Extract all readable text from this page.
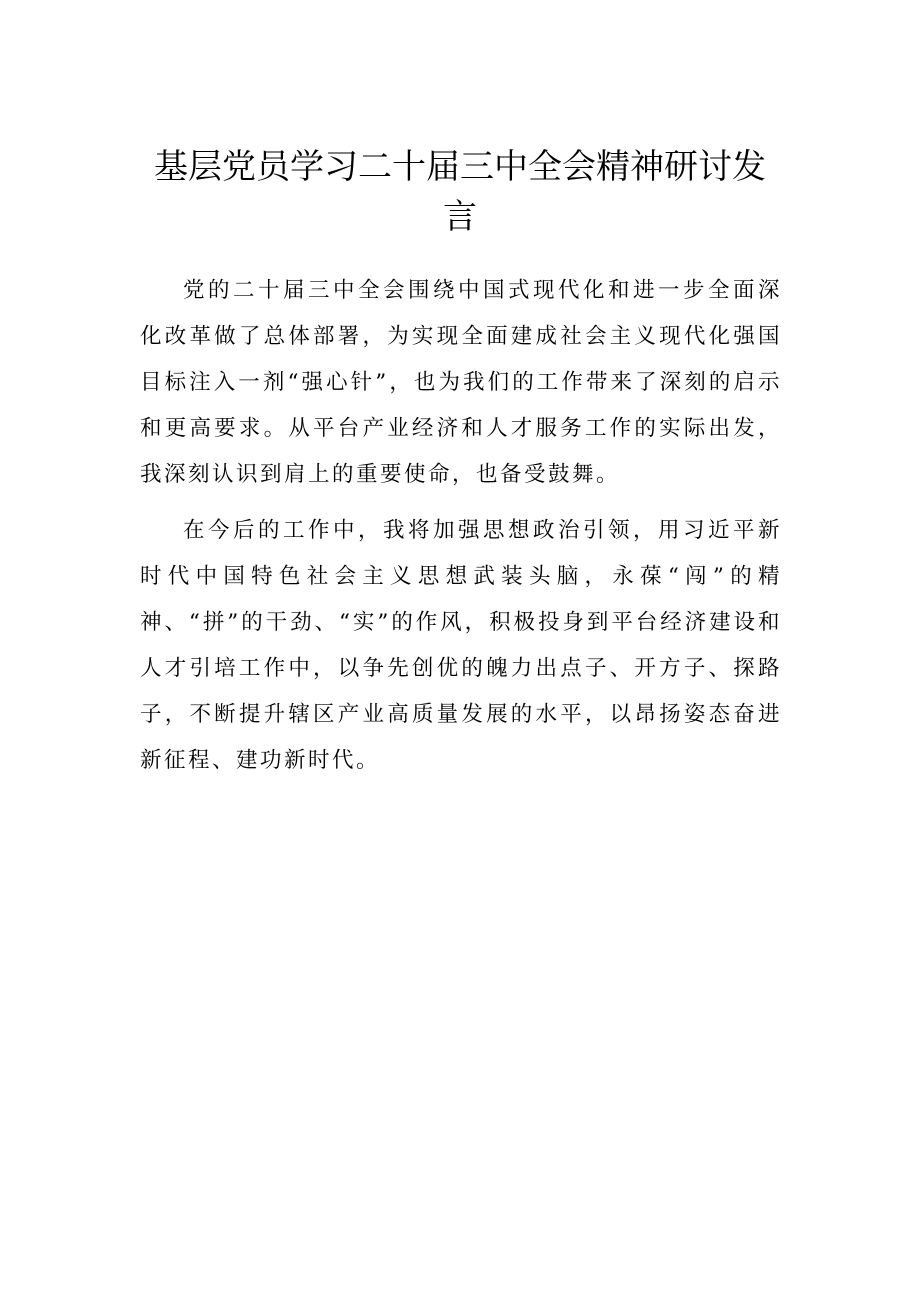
基层党员学习二十届三中全会精神研讨发言

党的二十届三中全会围绕中国式现代化和进一步全面深化改革做了总体部署，为实现全面建成社会主义现代化强国目标注入一剂“强心针”，也为我们的工作带来了深刻的启示和更高要求。从平台产业经济和人才服务工作的实际出发，我深刻认识到肩上的重要使命，也备受鼓舞。

在今后的工作中，我将加强思想政治引领，用习近平新时代中国特色社会主义思想武装头脑，永葆“闯”的精神、“拼”的干劲、“实”的作风，积极投身到平台经济建设和人才引培工作中，以争先创优的魄力出点子、开方子、探路子，不断提升辖区产业高质量发展的水平，以昂扬姿态奋进新征程、建功新时代。
